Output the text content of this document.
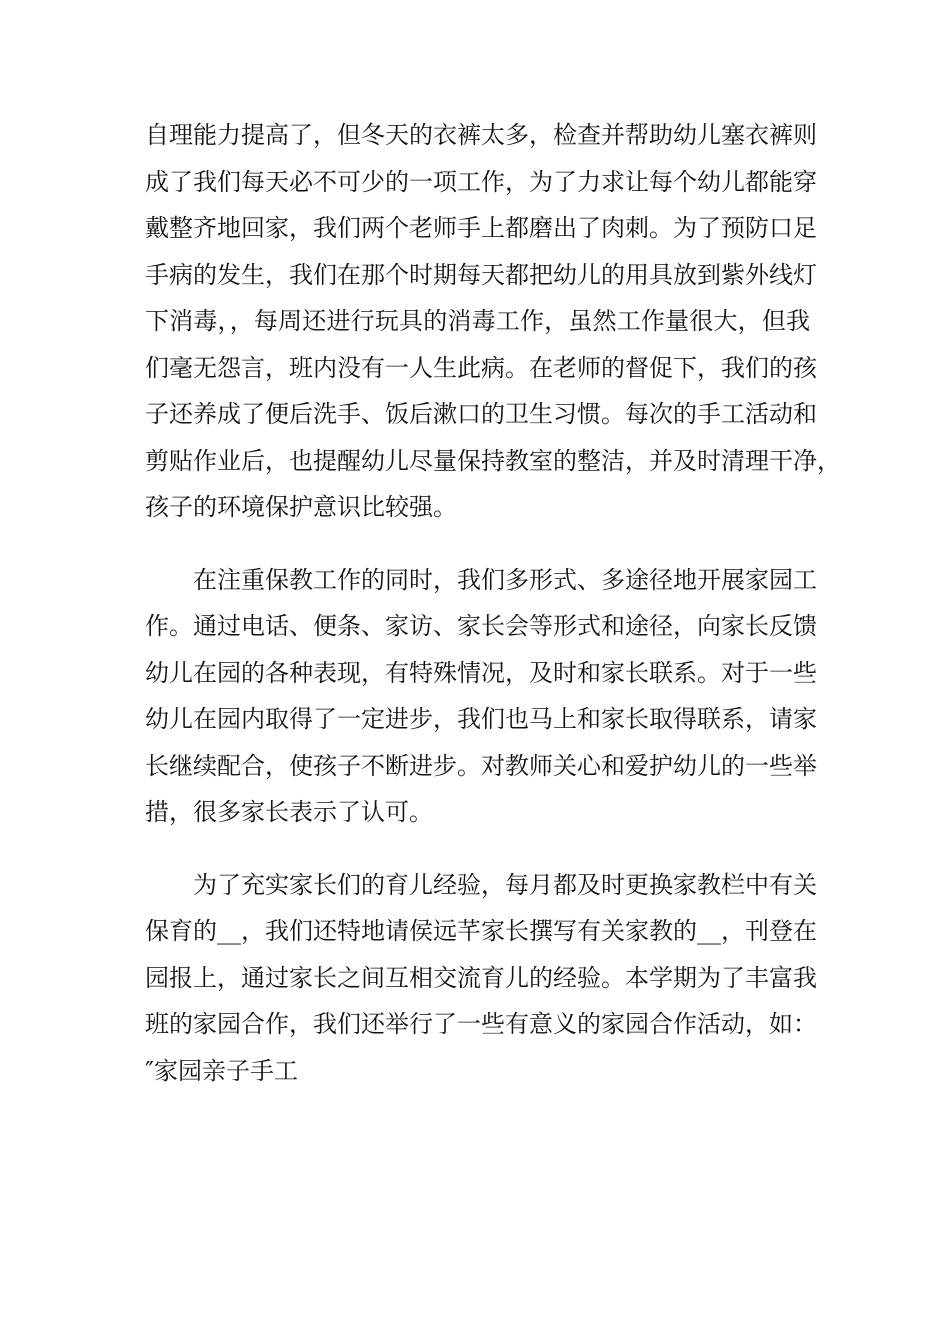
自理能力提高了，但冬天的衣裤太多，检查并帮助幼儿塞衣裤则
成了我们每天必不可少的一项工作，为了力求让每个幼儿都能穿
戴整齐地回家，我们两个老师手上都磨出了肉刺。为了预防口足
手病的发生，我们在那个时期每天都把幼儿的用具放到紫外线灯
下消毒，，每周还进行玩具的消毒工作，虽然工作量很大，但我
们毫无怨言，班内没有一人生此病。在老师的督促下，我们的孩
子还养成了便后洗手、饭后漱口的卫生习惯。每次的手工活动和
剪贴作业后，也提醒幼儿尽量保持教室的整洁，并及时清理干净，
孩子的环境保护意识比较强。
在注重保教工作的同时，我们多形式、多途径地开展家园工
作。通过电话、便条、家访、家长会等形式和途径，向家长反馈
幼儿在园的各种表现，有特殊情况，及时和家长联系。对于一些
幼儿在园内取得了一定进步，我们也马上和家长取得联系，请家
长继续配合，使孩子不断进步。对教师关心和爱护幼儿的一些举
措，很多家长表示了认可。
为了充实家长们的育儿经验，每月都及时更换家教栏中有关
保育的__，我们还特地请侯远芊家长撰写有关家教的__，刊登在
园报上，通过家长之间互相交流育儿的经验。本学期为了丰富我
班的家园合作，我们还举行了一些有意义的家园合作活动，如：
″家园亲子手工
